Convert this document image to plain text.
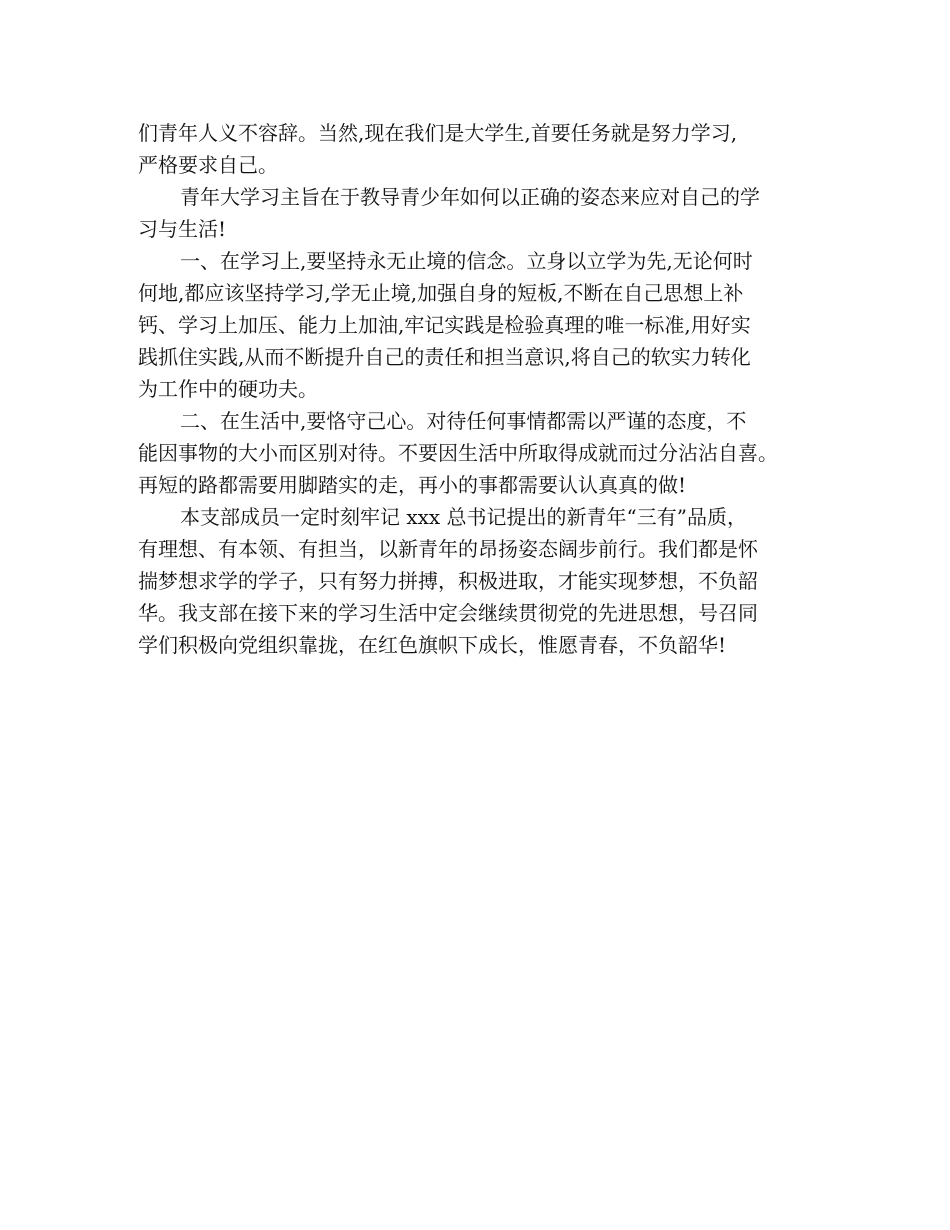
们青年人义不容辞。当然,现在我们是大学生,首要任务就是努力学习,
严格要求自己。
青年大学习主旨在于教导青少年如何以正确的姿态来应对自己的学
习与生活!
一、在学习上,要坚持永无止境的信念。立身以立学为先,无论何时
何地,都应该坚持学习,学无止境,加强自身的短板,不断在自己思想上补
钙、学习上加压、能力上加油,牢记实践是检验真理的唯一标准,用好实
践抓住实践,从而不断提升自己的责任和担当意识,将自己的软实力转化
为工作中的硬功夫。
二、在生活中,要恪守己心。对待任何事情都需以严谨的态度，不
能因事物的大小而区别对待。不要因生活中所取得成就而过分沾沾自喜。
再短的路都需要用脚踏实的走，再小的事都需要认认真真的做!
本支部成员一定时刻牢记 xxx 总书记提出的新青年“三有”品质，
有理想、有本领、有担当，以新青年的昂扬姿态阔步前行。我们都是怀
揣梦想求学的学子，只有努力拼搏，积极进取，才能实现梦想，不负韶
华。我支部在接下来的学习生活中定会继续贯彻党的先进思想，号召同
学们积极向党组织靠拢，在红色旗帜下成长，惟愿青春，不负韶华!
